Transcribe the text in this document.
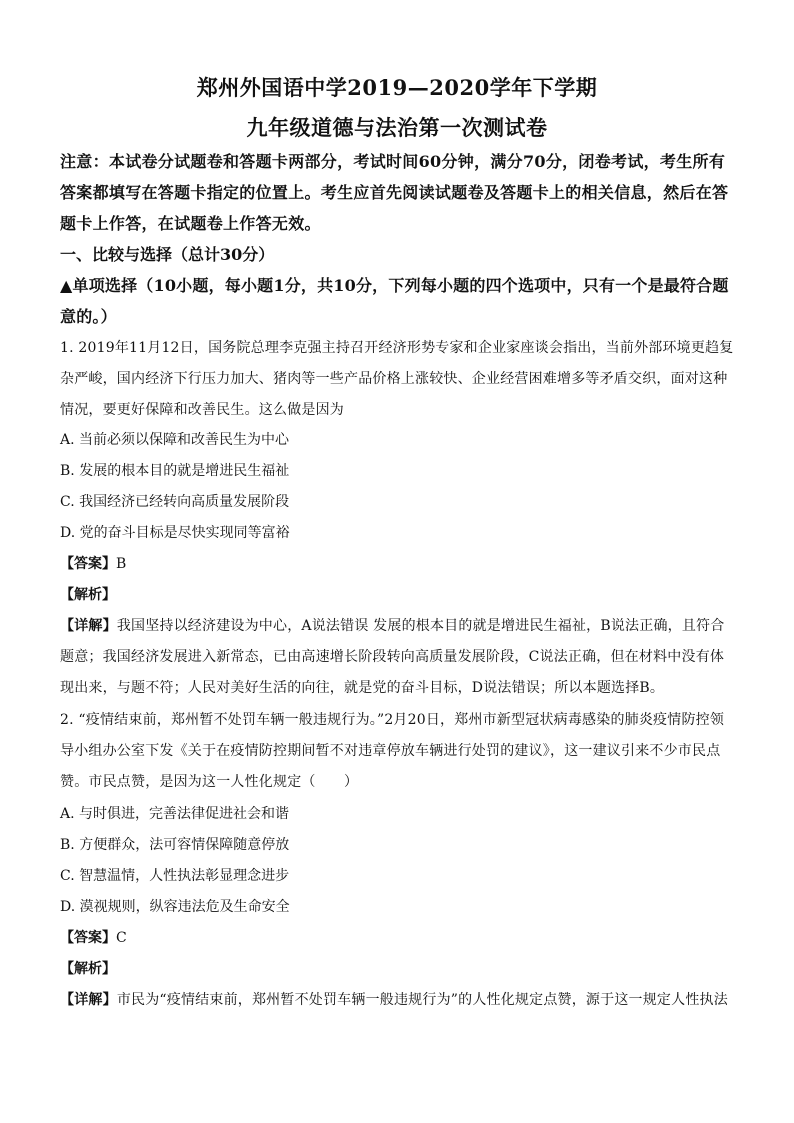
郑州外国语中学2019—2020学年下学期
九年级道德与法治第一次测试卷
注意：本试卷分试题卷和答题卡两部分，考试时间60分钟，满分70分，闭卷考试，考生所有答案都填写在答题卡指定的位置上。考生应首先阅读试题卷及答题卡上的相关信息，然后在答题卡上作答，在试题卷上作答无效。
一、比较与选择（总计30分）
▲单项选择（10小题，每小题1分，共10分，下列每小题的四个选项中，只有一个是最符合题意的。）
1. 2019年11月12日，国务院总理李克强主持召开经济形势专家和企业家座谈会指出，当前外部环境更趋复杂严峻，国内经济下行压力加大、猪肉等一些产品价格上涨较快、企业经营困难增多等矛盾交织，面对这种情况，要更好保障和改善民生。这么做是因为
A. 当前必须以保障和改善民生为中心
B. 发展的根本目的就是增进民生福祉
C. 我国经济已经转向高质量发展阶段
D. 党的奋斗目标是尽快实现同等富裕
【答案】B
【解析】
【详解】我国坚持以经济建设为中心，A说法错误 发展的根本目的就是增进民生福祉，B说法正确，且符合题意；我国经济发展进入新常态，已由高速增长阶段转向高质量发展阶段，C说法正确，但在材料中没有体现出来，与题不符；人民对美好生活的向往，就是党的奋斗目标，D说法错误；所以本题选择B。
2. “疫情结束前，郑州暂不处罚车辆一般违规行为。”2月20日，郑州市新型冠状病毒感染的肺炎疫情防控领导小组办公室下发《关于在疫情防控期间暂不对违章停放车辆进行处罚的建议》，这一建议引来不少市民点赞。市民点赞，是因为这一人性化规定（　　）
A. 与时俱进，完善法律促进社会和谐
B. 方便群众，法可容情保障随意停放
C. 智慧温情，人性执法彰显理念进步
D. 漠视规则，纵容违法危及生命安全
【答案】C
【解析】
【详解】市民为“疫情结束前，郑州暂不处罚车辆一般违规行为”的人性化规定点赞，源于这一规定人性执法
